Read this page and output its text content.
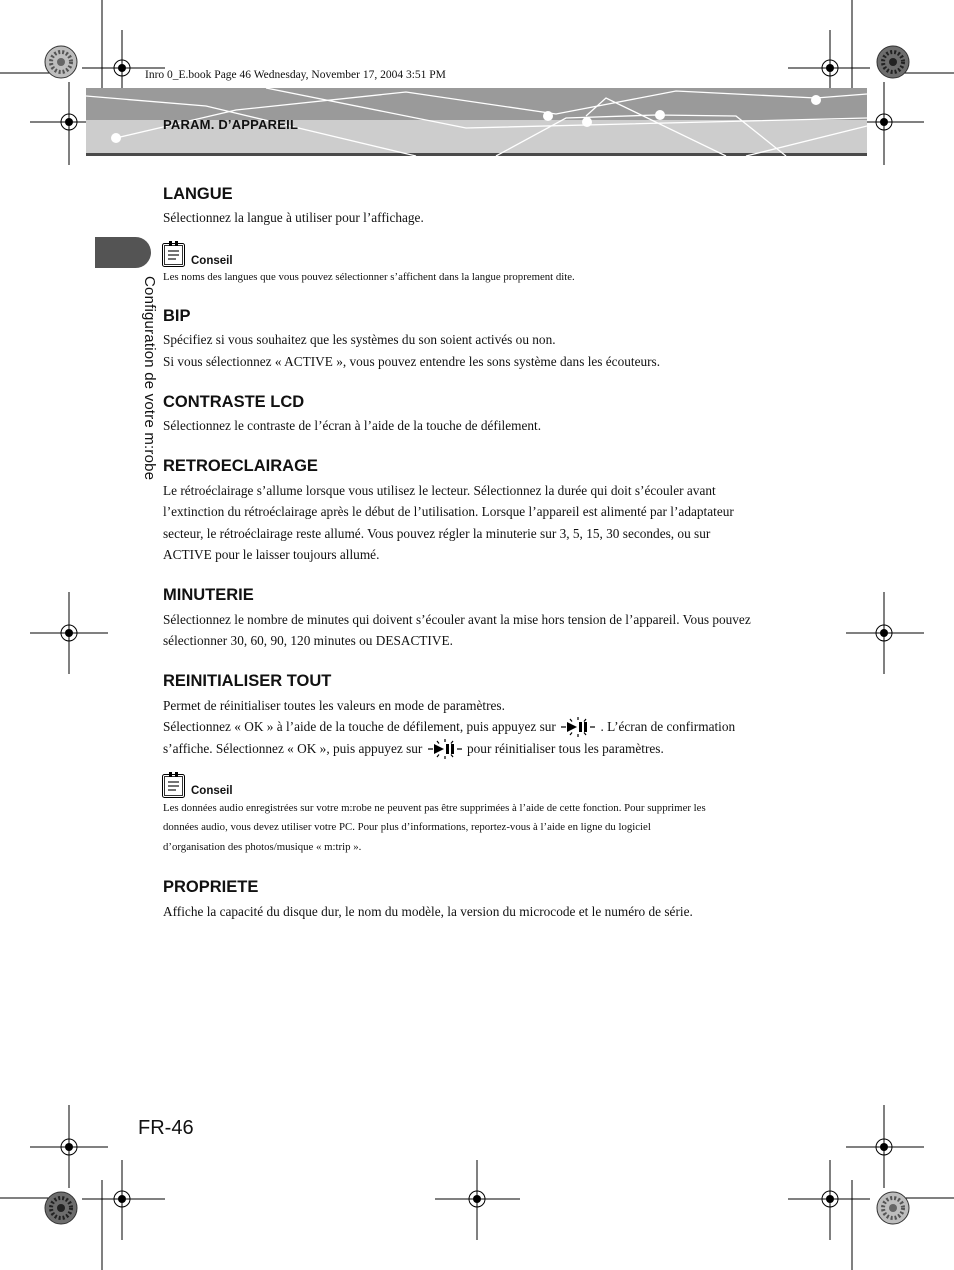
Inro 0_E.book Page 46 Wednesday, November 17, 2004 3:51 PM
PARAM. D’APPAREIL
Configuration de votre m:robe
LANGUE

Sélectionnez la langue à utiliser pour l’affichage.

Conseil

Les noms des langues que vous pouvez sélectionner s’affichent dans la langue proprement dite.

BIP

Spécifiez si vous souhaitez que les systèmes du son soient activés ou non.

Si vous sélectionnez « ACTIVE », vous pouvez entendre les sons système dans les écouteurs.

CONTRASTE LCD

Sélectionnez le contraste de l’écran à l’aide de la touche de défilement.

RETROECLAIRAGE

Le rétroéclairage s’allume lorsque vous utilisez le lecteur. Sélectionnez la durée qui doit s’écouler avant

l’extinction du rétroéclairage après le début de l’utilisation. Lorsque l’appareil est alimenté par l’adaptateur

secteur, le rétroéclairage reste allumé. Vous pouvez régler la minuterie sur 3, 5, 15, 30 secondes, ou sur

ACTIVE pour le laisser toujours allumé.

MINUTERIE

Sélectionnez le nombre de minutes qui doivent s’écouler avant la mise hors tension de l’appareil. Vous pouvez

sélectionner 30, 60, 90, 120 minutes ou DESACTIVE.

REINITIALISER TOUT

Permet de réinitialiser toutes les valeurs en mode de paramètres.

Sélectionnez « OK » à l’aide de la touche de défilement, puis appuyez sur	. L’écran de confirmation

s’affiche. Sélectionnez « OK », puis appuyez sur	pour réinitialiser tous les paramètres.

Conseil

Les données audio enregistrées sur votre m:robe ne peuvent pas être supprimées à l’aide de cette fonction. Pour supprimer les

données audio, vous devez utiliser votre PC. Pour plus d’informations, reportez-vous à l’aide en ligne du logiciel

d’organisation des photos/musique « m:trip ».

PROPRIETE

Affiche la capacité du disque dur, le nom du modèle, la version du microcode et le numéro de série.

FR-46
